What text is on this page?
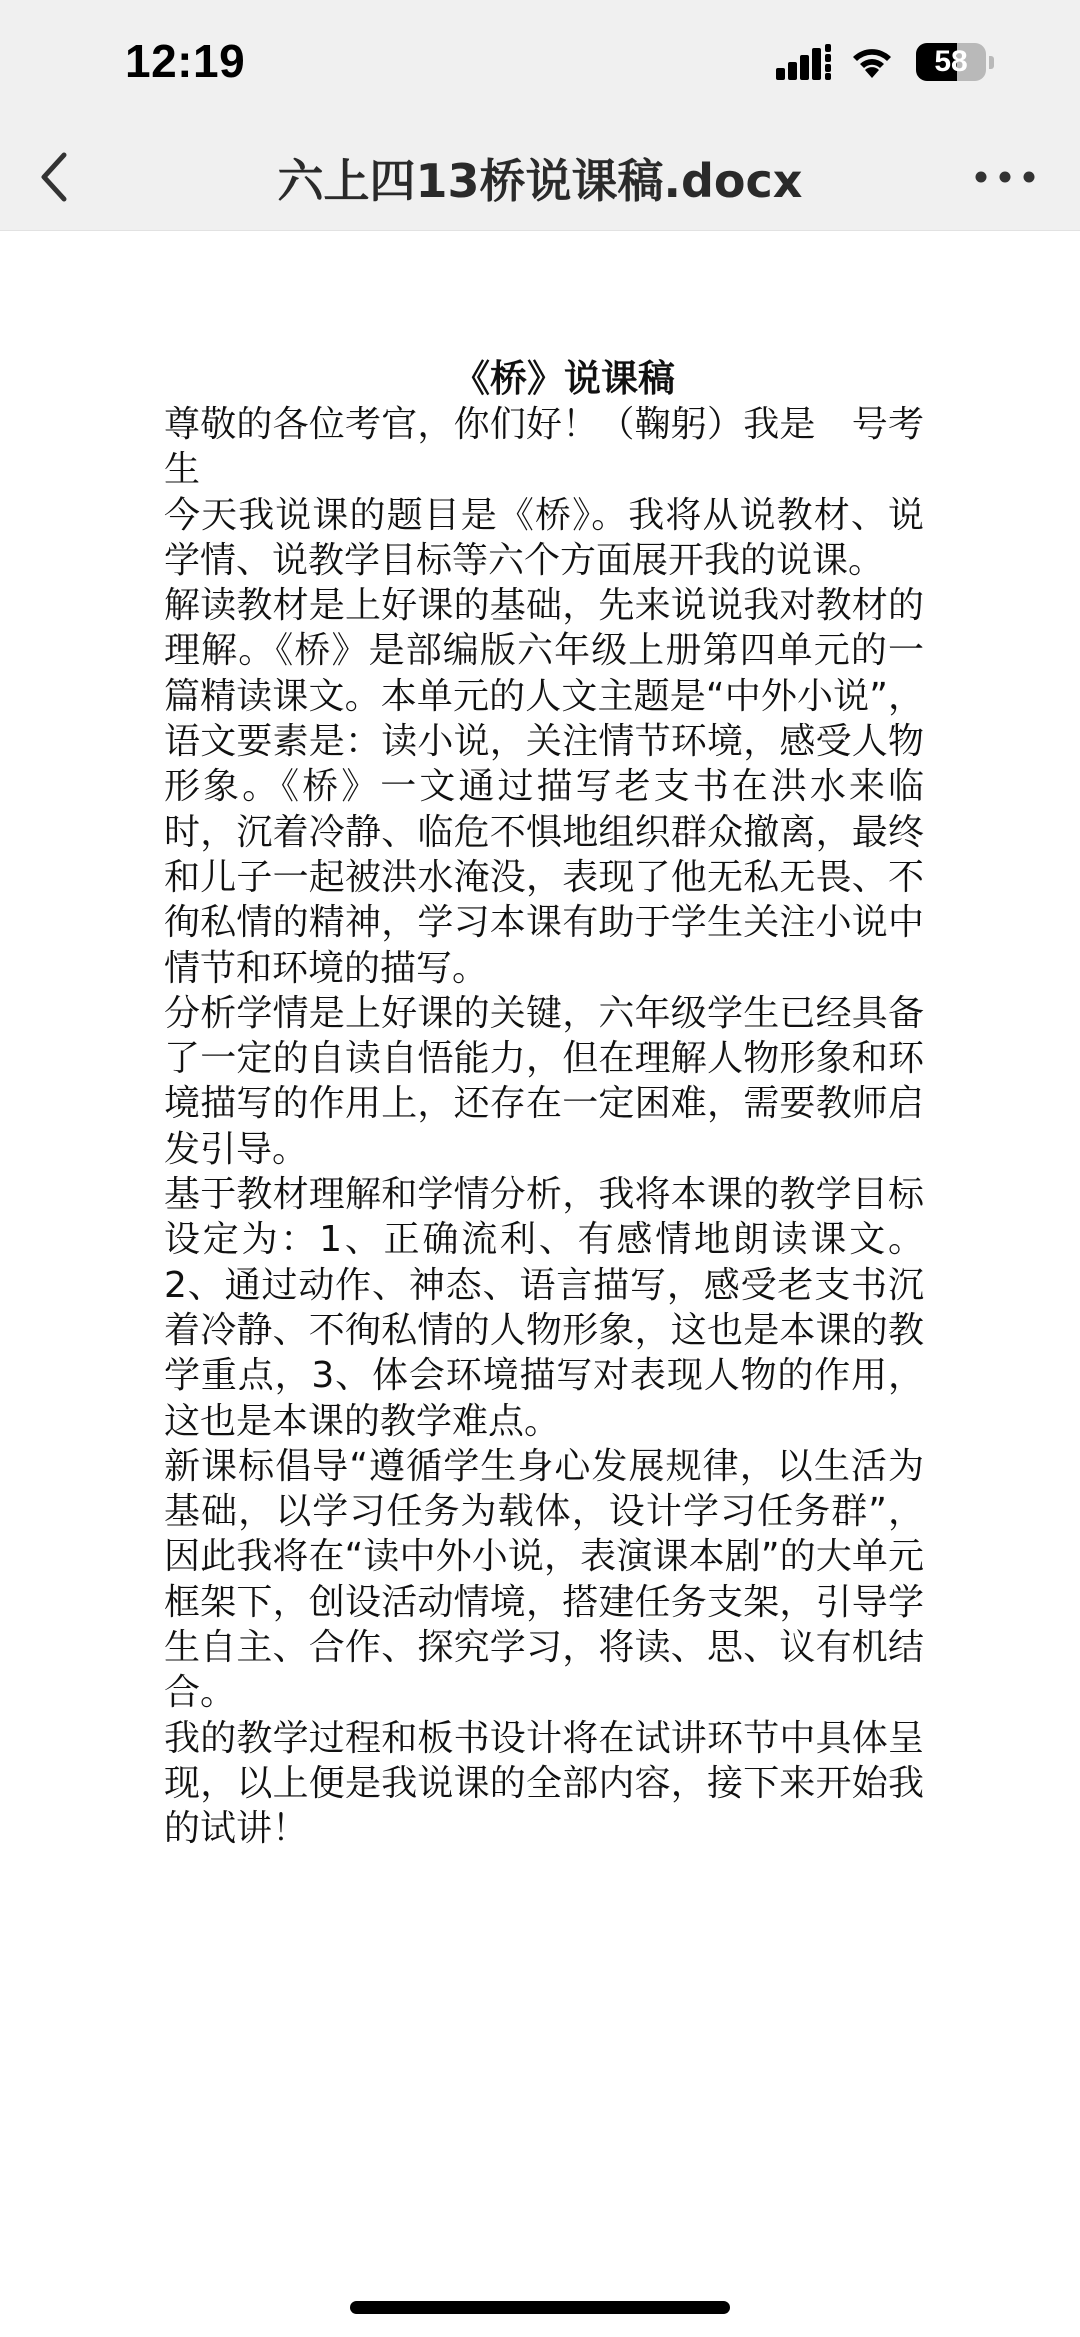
12:19	58
六上四13桥说课稿.docx
《桥》说课稿

尊敬的各位考官，你们好！（鞠躬）我是　号考生

今天我说课的题目是《桥》。我将从说教材、说学情、说教学目标等六个方面展开我的说课。

解读教材是上好课的基础，先来说说我对教材的理解。《桥》是部编版六年级上册第四单元的一篇精读课文。本单元的人文主题是“中外小说”，语文要素是：读小说，关注情节环境，感受人物形象。《桥》一文通过描写老支书在洪水来临时，沉着冷静、临危不惧地组织群众撤离，最终和儿子一起被洪水淹没，表现了他无私无畏、不徇私情的精神，学习本课有助于学生关注小说中情节和环境的描写。

分析学情是上好课的关键，六年级学生已经具备了一定的自读自悟能力，但在理解人物形象和环境描写的作用上，还存在一定困难，需要教师启发引导。

基于教材理解和学情分析，我将本课的教学目标设定为：1、正确流利、有感情地朗读课文。2、通过动作、神态、语言描写，感受老支书沉着冷静、不徇私情的人物形象，这也是本课的教学重点，3、体会环境描写对表现人物的作用，这也是本课的教学难点。

新课标倡导“遵循学生身心发展规律，以生活为基础，以学习任务为载体，设计学习任务群”，因此我将在“读中外小说，表演课本剧”的大单元框架下，创设活动情境，搭建任务支架，引导学生自主、合作、探究学习，将读、思、议有机结合。

我的教学过程和板书设计将在试讲环节中具体呈现，以上便是我说课的全部内容，接下来开始我的试讲！
